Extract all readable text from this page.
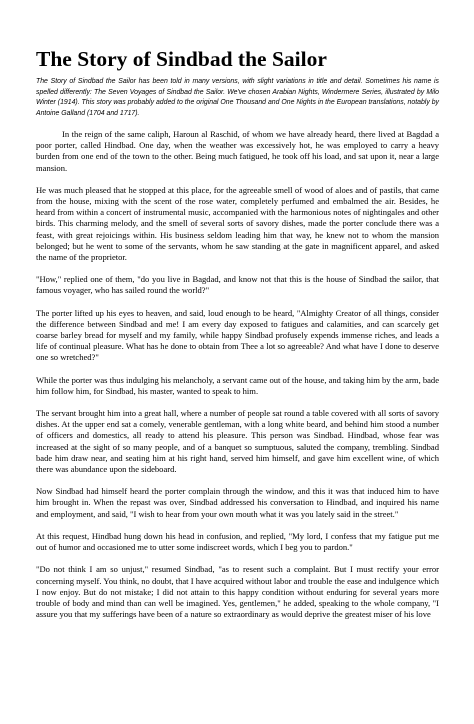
The Story of Sindbad the Sailor

The Story of Sindbad the Sailor has been told in many versions, with slight variations in title and detail. Sometimes his name is spelled differently: The Seven Voyages of Sindbad the Sailor. We've chosen Arabian Nights, Windermere Series, illustrated by Milo Winter (1914). This story was probably added to the original One Thousand and One Nights in the European translations, notably by Antoine Galland (1704 and 1717).

In the reign of the same caliph, Haroun al Raschid, of whom we have already heard, there lived at Bagdad a poor porter, called Hindbad. One day, when the weather was excessively hot, he was employed to carry a heavy burden from one end of the town to the other. Being much fatigued, he took off his load, and sat upon it, near a large mansion.

He was much pleased that he stopped at this place, for the agreeable smell of wood of aloes and of pastils, that came from the house, mixing with the scent of the rose water, completely perfumed and embalmed the air. Besides, he heard from within a concert of instrumental music, accompanied with the harmonious notes of nightingales and other birds. This charming melody, and the smell of several sorts of savory dishes, made the porter conclude there was a feast, with great rejoicings within. His business seldom leading him that way, he knew not to whom the mansion belonged; but he went to some of the servants, whom he saw standing at the gate in magnificent apparel, and asked the name of the proprietor.

"How," replied one of them, "do you live in Bagdad, and know not that this is the house of Sindbad the sailor, that famous voyager, who has sailed round the world?"

The porter lifted up his eyes to heaven, and said, loud enough to be heard, "Almighty Creator of all things, consider the difference between Sindbad and me! I am every day exposed to fatigues and calamities, and can scarcely get coarse barley bread for myself and my family, while happy Sindbad profusely expends immense riches, and leads a life of continual pleasure. What has he done to obtain from Thee a lot so agreeable? And what have I done to deserve one so wretched?"

While the porter was thus indulging his melancholy, a servant came out of the house, and taking him by the arm, bade him follow him, for Sindbad, his master, wanted to speak to him.

The servant brought him into a great hall, where a number of people sat round a table covered with all sorts of savory dishes. At the upper end sat a comely, venerable gentleman, with a long white beard, and behind him stood a number of officers and domestics, all ready to attend his pleasure. This person was Sindbad. Hindbad, whose fear was increased at the sight of so many people, and of a banquet so sumptuous, saluted the company, trembling. Sindbad bade him draw near, and seating him at his right hand, served him himself, and gave him excellent wine, of which there was abundance upon the sideboard.

Now Sindbad had himself heard the porter complain through the window, and this it was that induced him to have him brought in. When the repast was over, Sindbad addressed his conversation to Hindbad, and inquired his name and employment, and said, "I wish to hear from your own mouth what it was you lately said in the street."

At this request, Hindbad hung down his head in confusion, and replied, "My lord, I confess that my fatigue put me out of humor and occasioned me to utter some indiscreet words, which I beg you to pardon."

"Do not think I am so unjust," resumed Sindbad, "as to resent such a complaint. But I must rectify your error concerning myself. You think, no doubt, that I have acquired without labor and trouble the ease and indulgence which I now enjoy. But do not mistake; I did not attain to this happy condition without enduring for several years more trouble of body and mind than can well be imagined. Yes, gentlemen," he added, speaking to the whole company, "I assure you that my sufferings have been of a nature so extraordinary as would deprive the greatest miser of his love
